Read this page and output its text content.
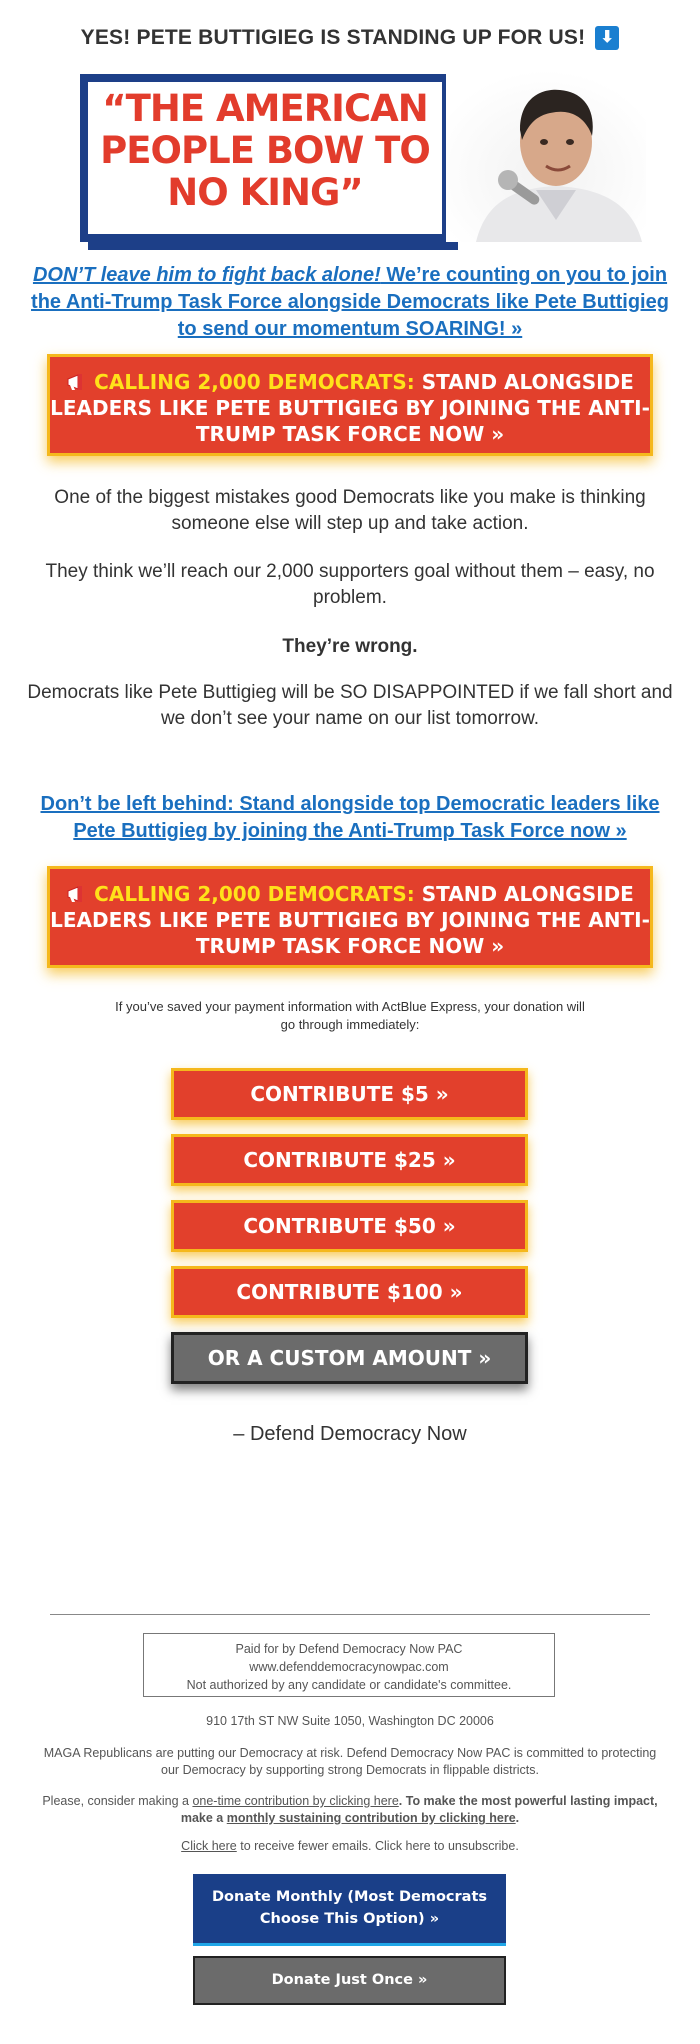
YES! PETE BUTTIGIEG IS STANDING UP FOR US! ⬇
“THE AMERICAN
PEOPLE BOW TO
NO KING”
DON’T leave him to fight back alone! We’re counting on you to join the Anti-Trump Task Force alongside Democrats like Pete Buttigieg to send our momentum SOARING! »
CALLING 2,000 DEMOCRATS: STAND ALONGSIDE LEADERS LIKE PETE BUTTIGIEG BY JOINING THE ANTI-TRUMP TASK FORCE NOW »
One of the biggest mistakes good Democrats like you make is thinking someone else will step up and take action.
They think we’ll reach our 2,000 supporters goal without them – easy, no problem.
They’re wrong.
Democrats like Pete Buttigieg will be SO DISAPPOINTED if we fall short and we don’t see your name on our list tomorrow.
Don’t be left behind: Stand alongside top Democratic leaders like Pete Buttigieg by joining the Anti-Trump Task Force now »
CALLING 2,000 DEMOCRATS: STAND ALONGSIDE LEADERS LIKE PETE BUTTIGIEG BY JOINING THE ANTI-TRUMP TASK FORCE NOW »
If you’ve saved your payment information with ActBlue Express, your donation will go through immediately:
CONTRIBUTE $5 »
CONTRIBUTE $25 »
CONTRIBUTE $50 »
CONTRIBUTE $100 »
OR A CUSTOM AMOUNT »
– Defend Democracy Now
Paid for by Defend Democracy Now PAC
www.defenddemocracynowpac.com
Not authorized by any candidate or candidate's committee.
910 17th ST NW Suite 1050, Washington DC 20006
MAGA Republicans are putting our Democracy at risk. Defend Democracy Now PAC is committed to protecting our Democracy by supporting strong Democrats in flippable districts.
Please, consider making a one-time contribution by clicking here. To make the most powerful lasting impact, make a monthly sustaining contribution by clicking here.
Click here to receive fewer emails. Click here to unsubscribe.
Donate Monthly (Most Democrats
Choose This Option) »
Donate Just Once »
